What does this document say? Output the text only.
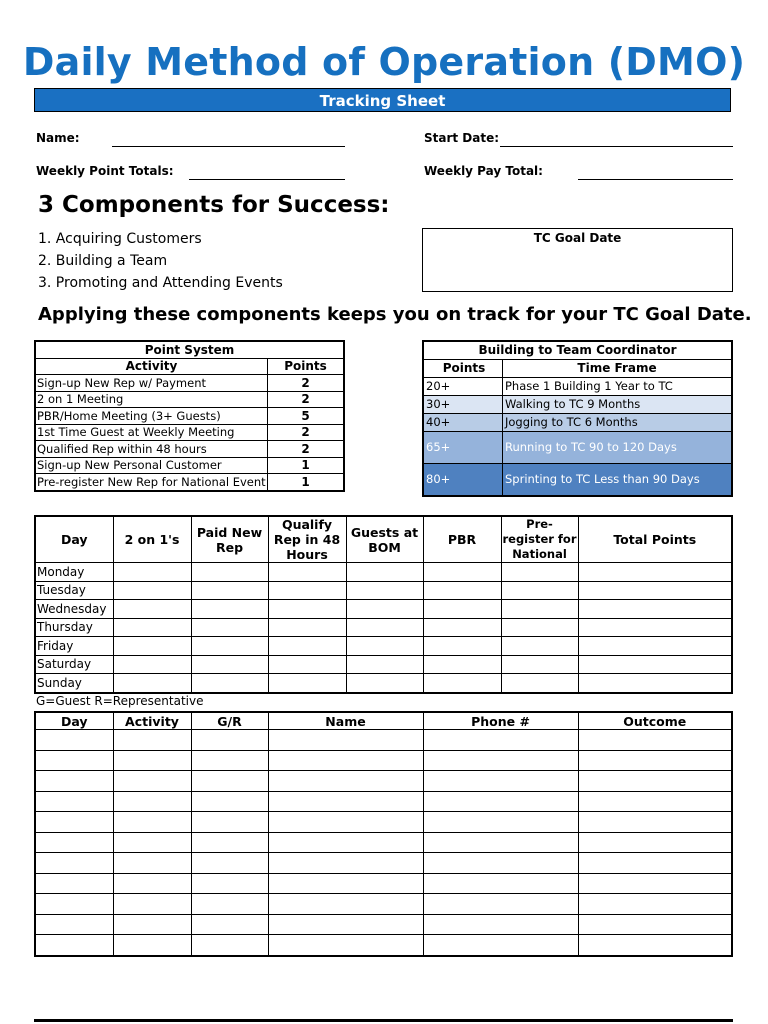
Daily Method of Operation (DMO)
Tracking Sheet
Name:	Start Date:
Weekly Point Totals:	Weekly Pay Total:
3 Components for Success:
1. Acquiring Customers
2. Building a Team
3. Promoting and Attending Events
TC Goal Date
Applying these components keeps you on track for your TC Goal Date.
Point System	
Activity	Points
Sign-up New Rep w/ Payment	2
2 on 1 Meeting	2
PBR/Home Meeting (3+ Guests)	5
1st Time Guest at Weekly Meeting	2
Qualified Rep within 48 hours	2
Sign-up New Personal Customer	1
Pre-register New Rep for National Event	1
Building to Team Coordinator	
Points	Time Frame
20+	Phase 1 Building 1 Year to TC
30+	Walking to TC 9 Months
40+	Jogging to TC 6 Months
65+	Running to TC 90 to 120 Days
80+	Sprinting to TC Less than 90 Days
Day	2 on 1's	Paid New Rep	Qualify Rep in 48 Hours	Guests at BOM	PBR	Pre-register for National	Total Points
Monday							
Tuesday							
Wednesday							
Thursday							
Friday							
Saturday							
Sunday							
G=Guest R=Representative
Day	Activity	G/R	Name	Phone #	Outcome
